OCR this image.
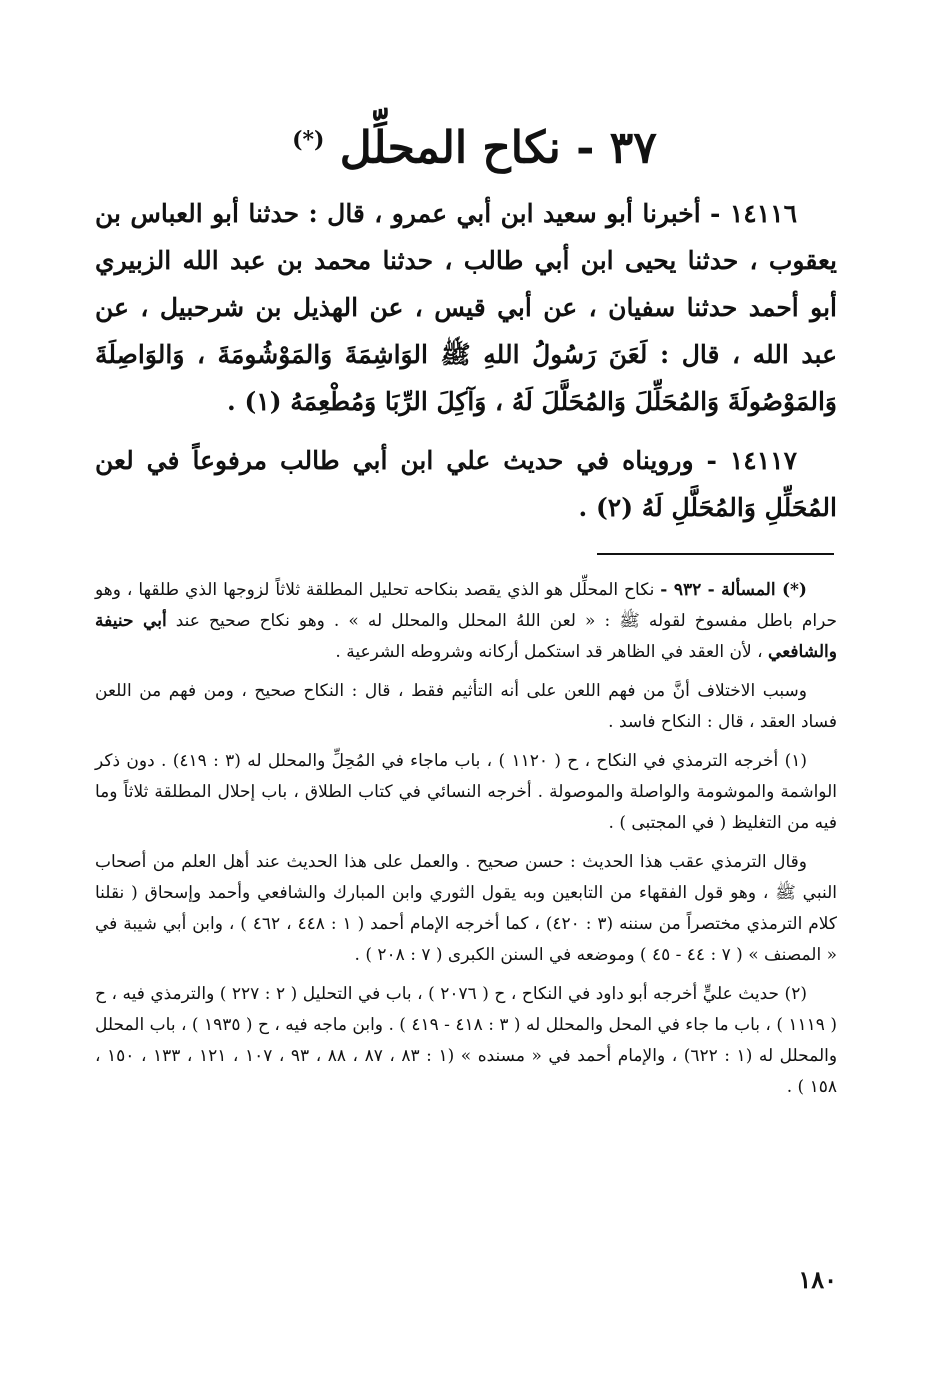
٣٧ - نكاح المحلِّل (*)

١٤١١٦ - أخبرنا أبو سعيد ابن أبي عمرو ، قال : حدثنا أبو العباس بن يعقوب ، حدثنا يحيى ابن أبي طالب ، حدثنا محمد بن عبد الله الزبيري أبو أحمد حدثنا سفيان ، عن أبي قيس ، عن الهذيل بن شرحبيل ، عن عبد الله ، قال : لَعَنَ رَسُولُ اللهِ ﷺ الوَاشِمَةَ وَالمَوْشُومَةَ ، وَالوَاصِلَةَ وَالمَوْصُولَةَ وَالمُحَلِّلَ وَالمُحَلَّلَ لَهُ ، وَآكِلَ الرِّبَا وَمُطْعِمَهُ (١) .

١٤١١٧ - ورويناه في حديث علي ابن أبي طالب مرفوعاً في لعن المُحَلِّلِ وَالمُحَلَّلِ لَهُ (٢) .

(*) المسألة - ٩٣٢ - نكاح المحلِّل هو الذي يقصد بنكاحه تحليل المطلقة ثلاثاً لزوجها الذي طلقها ، وهو حرام باطل مفسوخ لقوله ﷺ : « لعن اللهُ المحلل والمحلل له » . وهو نكاح صحيح عند أبي حنيفة والشافعي ، لأن العقد في الظاهر قد استكمل أركانه وشروطه الشرعية .

وسبب الاختلاف أنَّ من فهم اللعن على أنه التأثيم فقط ، قال : النكاح صحيح ، ومن فهم من اللعن فساد العقد ، قال : النكاح فاسد .

(١) أخرجه الترمذي في النكاح ، ح ( ١١٢٠ ) ، باب ماجاء في المُحِلِّ والمحلل له (٣ : ٤١٩) . دون ذكر الواشمة والموشومة والواصلة والموصولة . أخرجه النسائي في كتاب الطلاق ، باب إحلال المطلقة ثلاثاً وما فيه من التغليظ ( في المجتبى ) .

وقال الترمذي عقب هذا الحديث : حسن صحيح . والعمل على هذا الحديث عند أهل العلم من أصحاب النبي ﷺ ، وهو قول الفقهاء من التابعين وبه يقول الثوري وابن المبارك والشافعي وأحمد وإسحاق ( نقلنا كلام الترمذي مختصراً من سننه (٣ : ٤٢٠) ، كما أخرجه الإمام أحمد ( ١ : ٤٤٨ ، ٤٦٢ ) ، وابن أبي شيبة في « المصنف » ( ٧ : ٤٤ - ٤٥ ) وموضعه في السنن الكبرى ( ٧ : ٢٠٨ ) .

(٢) حديث عليٍّ أخرجه أبو داود في النكاح ، ح ( ٢٠٧٦ ) ، باب في التحليل ( ٢ : ٢٢٧ ) والترمذي فيه ، ح ( ١١١٩ ) ، باب ما جاء في المحل والمحلل له ( ٣ : ٤١٨ - ٤١٩ ) . وابن ماجه فيه ، ح ( ١٩٣٥ ) ، باب المحلل والمحلل له (١ : ٦٢٢) ، والإمام أحمد في « مسنده » (١ : ٨٣ ، ٨٧ ، ٨٨ ، ٩٣ ، ١٠٧ ، ١٢١ ، ١٣٣ ، ١٥٠ ، ١٥٨ ) .

١٨٠
